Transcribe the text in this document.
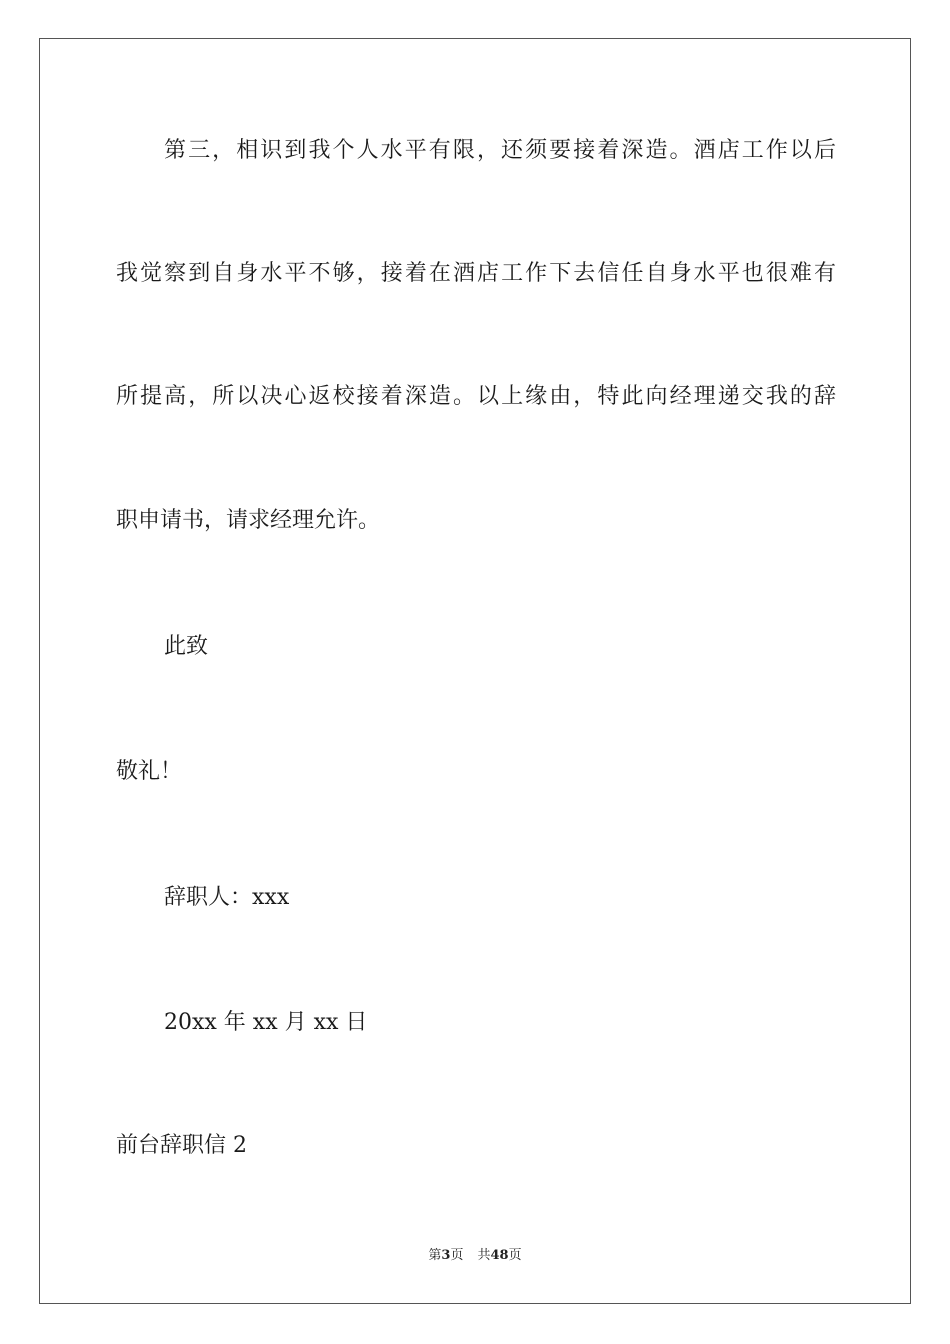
第三，相识到我个人水平有限，还须要接着深造。酒店工作以后
我觉察到自身水平不够，接着在酒店工作下去信任自身水平也很难有
所提高，所以决心返校接着深造。以上缘由，特此向经理递交我的辞
职申请书，请求经理允许。
此致
敬礼！
辞职人：xxx
20xx 年 xx 月 xx 日
前台辞职信 2
第3页 共48页
